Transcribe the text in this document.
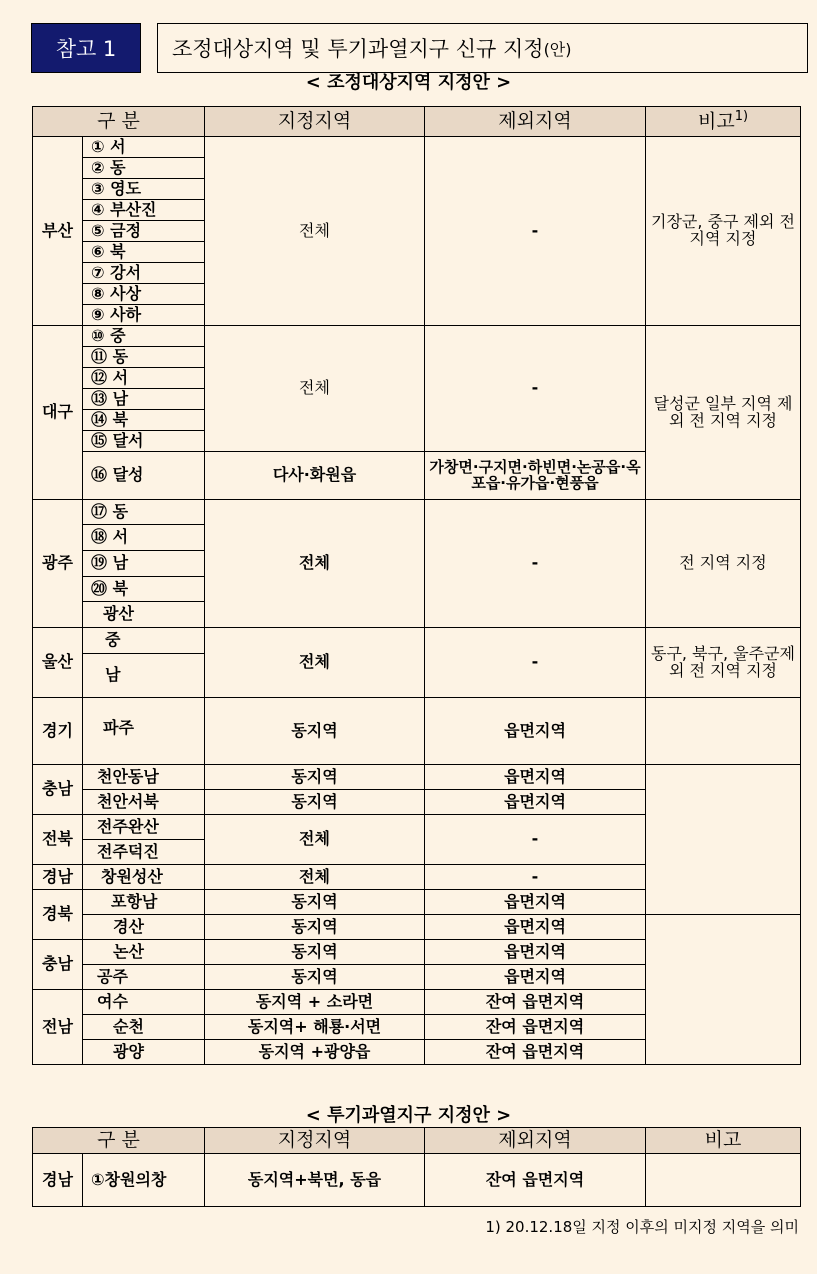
참고 1	조정대상지역 및 투기과열지구 신규 지정 (안)
< 조정대상지역 지정안 >
구 분		지정지역	제외지역	비고$^{1)}$
부산	① 서	전체	-	기장군, 중구 제외 전 지역 지정
	② 동			
	③ 영도			
	④ 부산진			
	⑤ 금정			
	⑥ 북			
	⑦ 강서			
	⑧ 사상			
	⑨ 사하			
대구	⑩ 중	전체	-	달성군 일부 지역 제외 전 지역 지정
	⑪ 동			
	⑫ 서			
	⑬ 남			
	⑭ 북			
	⑮ 달서			
	⑯ 달성	다사·화원읍	가창면·구지면·하빈면·논공읍·옥포읍·유가읍·현풍읍	
광주	⑰ 동	전체	-	전 지역 지정
	⑱ 서			
	⑲ 남			
	⑳ 북			
	광산			
울산	중	전체	-	동구, 북구, 울주군제외 전 지역 지정
	남			
경기	파주	동지역	읍면지역	
충남	천안동남	동지역	읍면지역	
	천안서북	동지역	읍면지역	
전북	전주완산	전체	-	
	전주덕진			
경남	창원성산	전체	-	
경북	포항남	동지역	읍면지역	
	경산	동지역	읍면지역	
충남	논산	동지역	읍면지역	
	공주	동지역	읍면지역	
전남	여수	동지역 + 소라면	잔여 읍면지역	
	순천	동지역+ 해룡·서면	잔여 읍면지역	
	광양	동지역 +광양읍	잔여 읍면지역	
< 투기과열지구 지정안 >
구 분		지정지역	제외지역	비고
경남	①창원의창	동지역+북면, 동읍	잔여 읍면지역	
1) 20.12.18일 지정 이후의 미지정 지역을 의미
